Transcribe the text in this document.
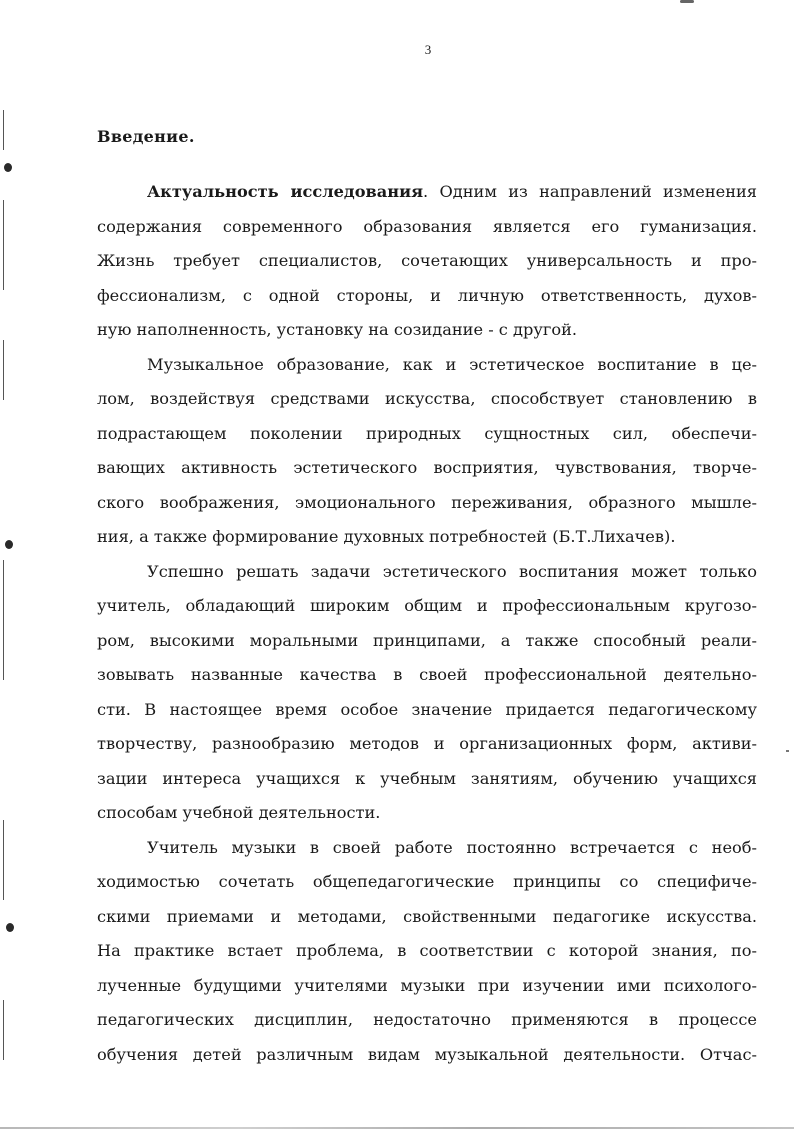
3
Введение.
Актуальность исследования. Одним из направлений изменения
содержания современного образования является его гуманизация.
Жизнь требует специалистов, сочетающих универсальность и про-
фессионализм, с одной стороны, и личную ответственность, духов-
ную наполненность, установку на созидание - с другой.
Музыкальное образование, как и эстетическое воспитание в це-
лом, воздействуя средствами искусства, способствует становлению в
подрастающем поколении природных сущностных сил, обеспечи-
вающих активность эстетического восприятия, чувствования, творче-
ского воображения, эмоционального переживания, образного мышле-
ния, а также формирование духовных потребностей (Б.Т.Лихачев).
Успешно решать задачи эстетического воспитания может только
учитель, обладающий широким общим и профессиональным кругозо-
ром, высокими моральными принципами, а также способный реали-
зовывать названные качества в своей профессиональной деятельно-
сти. В настоящее время особое значение придается педагогическому
творчеству, разнообразию методов и организационных форм, активи-
зации интереса учащихся к учебным занятиям, обучению учащихся
способам учебной деятельности.
Учитель музыки в своей работе постоянно встречается с необ-
ходимостью сочетать общепедагогические принципы со специфиче-
скими приемами и методами, свойственными педагогике искусства.
На практике встает проблема, в соответствии с которой знания, по-
лученные будущими учителями музыки при изучении ими психолого-
педагогических дисциплин, недостаточно применяются в процессе
обучения детей различным видам музыкальной деятельности. Отчас-
